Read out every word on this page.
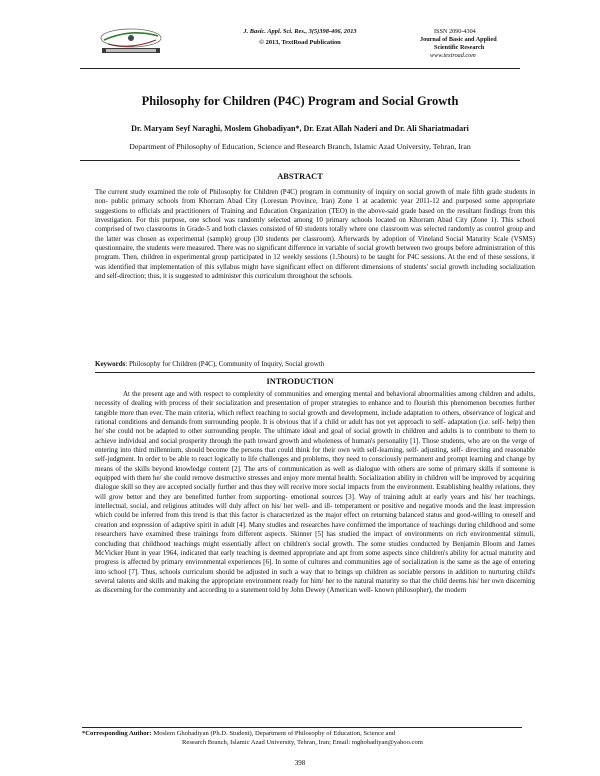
J. Basic. Appl. Sci. Res., 3(5)398-406, 2013
© 2013, TextRoad Publication
ISSN 2090-4304
Journal of Basic and Applied
Scientific Research
www.textroad.com
Philosophy for Children (P4C) Program and Social Growth
Dr. Maryam Seyf Naraghi, Moslem Ghobadiyan*, Dr. Ezat Allah Naderi and Dr. Ali Shariatmadari
Department of Philosophy of Education, Science and Research Branch, Islamic Azad University, Tehran, Iran
ABSTRACT
The current study examined the role of Philosophy for Children (P4C) program in community of inquiry on social growth of male fifth grade students in non- public primary schools from Khorram Abad City (Lorestan Province, Iran) Zone 1 at academic year 2011-12 and purposed some appropriate suggestions to officials and practitioners of Training and Education Organization (TEO) in the above-said grade based on the resultant findings from this investigation. For this purpose, one school was randomly selected among 10 primary schools located on Khorram Abad City (Zone 1). This school comprised of two classrooms in Grade-5 and both classes consisted of 60 students totally where one classroom was selected randomly as control group and the latter was chosen as experimental (sample) group (30 students per classroom). Afterwards by adoption of Vineland Social Maturity Scale (VSMS) questionnaire, the students were measured. There was no significant difference in variable of social growth between two groups before administration of this program. Then, children in experimental group participated in 12 weekly sessions (1.5hours) to be taught for P4C sessions. At the end of these sessions, it was identified that implementation of this syllabus might have significant effect on different dimensions of students' social growth including socialization and self-direction; thus, it is suggested to administer this curriculum throughout the schools.
Keywords: Philosophy for Children (P4C), Community of Inquiry, Social growth
INTRODUCTION

At the present age and with respect to complexity of communities and emerging mental and behavioral abnormalities among children and adults, necessity of dealing with process of their socialization and presentation of proper strategies to enhance and to flourish this phenomenon becomes further tangible more than ever. The main criteria, which reflect reaching to social growth and development, include adaptation to others, observance of logical and rational conditions and demands from surrounding people. It is obvious that if a child or adult has not yet approach to self- adaptation (i.e. self- help) then he/ she could not be adapted to other surrounding people. The ultimate ideal and goal of social growth in children and adults is to contribute to them to achieve individual and social prosperity through the path toward growth and wholeness of human's personality [1]. Those students, who are on the verge of entering into third millennium, should become the persons that could think for their own with self-learning, self- adjusting, self- directing and reasonable self-judgment. In order to be able to react logically to life challenges and problems, they need to consciously permanent and prompt learning and change by means of the skills beyond knowledge content [2]. The arts of communication as well as dialogue with others are some of primary skills if someone is equipped with them he/ she could remove destructive stresses and enjoy more mental health. Socialization ability in children will be improved by acquiring dialogue skill so they are accepted socially further and thus they will receive more social impacts from the environment. Establishing healthy relations, they will grow better and they are benefitted further from supporting- emotional sources [3]. Way of training adult at early years and his/ her teachings, intellectual, social, and religious attitudes will duly affect on his/ her well- and ill- temperament or positive and negative moods and the least impression which could be inferred from this trend is that this factor is characterized as the major effect on returning balanced status and good-willing to oneself and creation and expression of adaptive spirit in adult [4]. Many studies and researches have confirmed the importance of teachings during childhood and some researchers have examined these trainings from different aspects. Skinner [5] has studied the impact of environments on rich environmental stimuli, concluding that childhood teachings might essentially affect on children's social growth. The some studies conducted by Benjamin Bloom and James McVicker Hunt in year 1964, indicated that early teaching is deemed appropriate and apt from some aspects since children's ability for actual maturity and progress is affected by primary environmental experiences [6]. In some of cultures and communities age of socialization is the same as the age of entering into school [7]. Thus, schools curriculum should be adjusted in such a way that to brings up children as sociable persons in addition to nurturing child's several talents and skills and making the appropriate environment ready for him/ her to the natural maturity so that the child deems his/ her own discerning as discerning for the community and according to a statement told by John Dewey (American well- known philosopher), the modern

*Corresponding Author: Moslem Ghobadiyan (Ph.D. Student), Department of Philosophy of Education, Science and
Research Branch, Islamic Azad University, Tehran, Iran; Email: mghobadiyan@yahoo.com
398
